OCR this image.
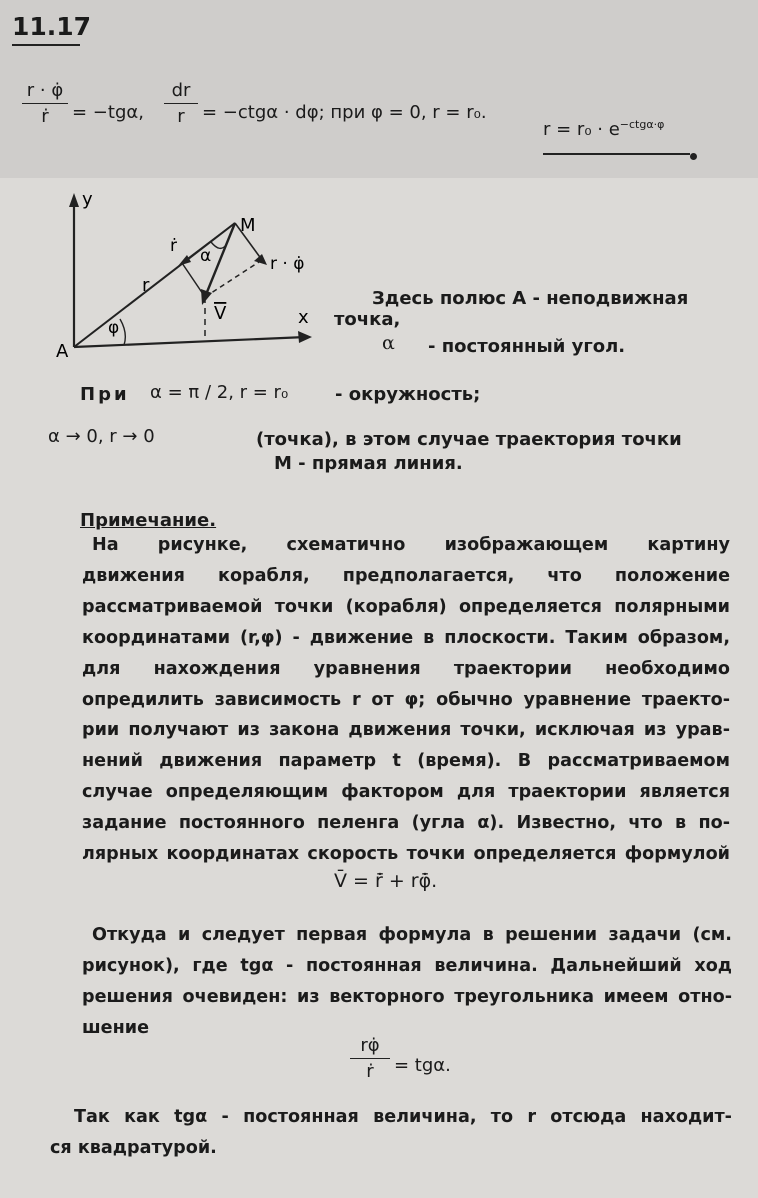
11.17
r · φ̇
ṙ	= −tgα,
dr
r = −ctgα · dφ; при φ = 0, r = r₀.
$r = r_0 \cdot e^{-ctg\alpha\cdot\varphi}$
y
x
A
M
r
φ
α
ṙ
r · φ̇
V
Здесь полюс А - неподвижная
точка,
α - постоянный угол.
При α = π / 2, r = r₀	- окружность;
α → 0, r → 0	(точка), в этом случае траектория точки
М - прямая линия.
Примечание.
На рисунке, схематично изображающем картину
движения корабля, предполагается, что положение
рассматриваемой точки (корабля) определяется полярными
координатами (r,φ) - движение в плоскости. Таким образом,
для нахождения уравнения траектории необходимо
опредилить зависимость r от φ; обычно уравнение траекто-
рии получают из закона движения точки, исключая из урав-
нений движения параметр t (время). В рассматриваемом
случае определяющим фактором для траектории является
задание постоянного пеленга (угла α). Известно, что в по-
лярных координатах скорость точки определяется формулой
V̄ = r̄̇ + rφ̄̇.
Откуда и следует первая формула в решении задачи (см.
рисунок), где tgα - постоянная величина. Дальнейший ход
решения очевиден: из векторного треугольника имеем отно-
шение
rφ̇
ṙ	= tgα.
Так как tgα - постоянная величина, то r отсюда находит-
ся квадратурой.
